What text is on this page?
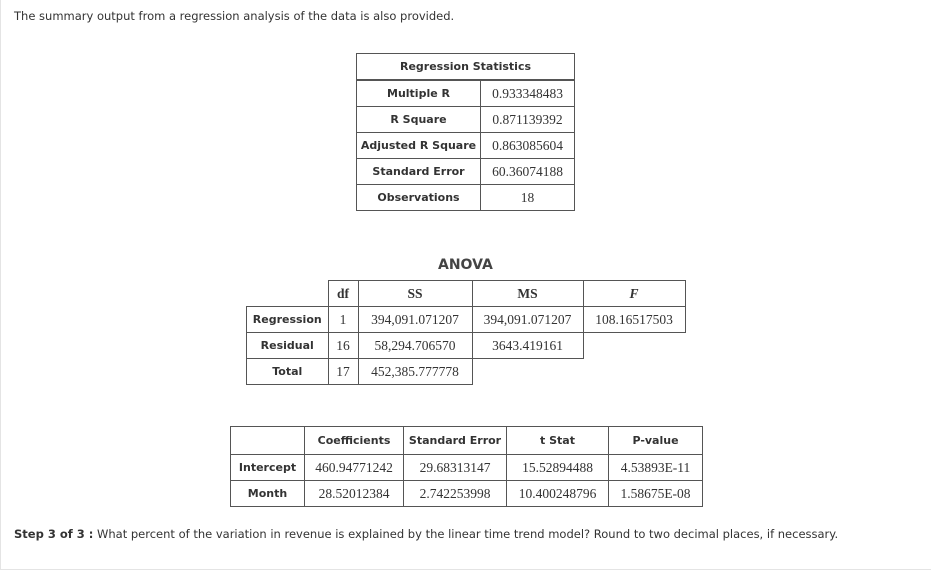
The summary output from a regression analysis of the data is also provided.
Regression Statistics	
Multiple R	0.933348483
R Square	0.871139392
Adjusted R Square	0.863085604
Standard Error	60.36074188
Observations	18
ANOVA
	df	SS	MS	F
Regression	1	394,091.071207	394,091.071207	108.16517503
Residual	16	58,294.706570	3643.419161	
Total	17	452,385.777778		
	Coefficients	Standard Error	t Stat	P-value
Intercept	460.94771242	29.68313147	15.52894488	4.53893E-11
Month	28.52012384	2.742253998	10.400248796	1.58675E-08
Step 3 of 3 : What percent of the variation in revenue is explained by the linear time trend model? Round to two decimal places, if necessary.
